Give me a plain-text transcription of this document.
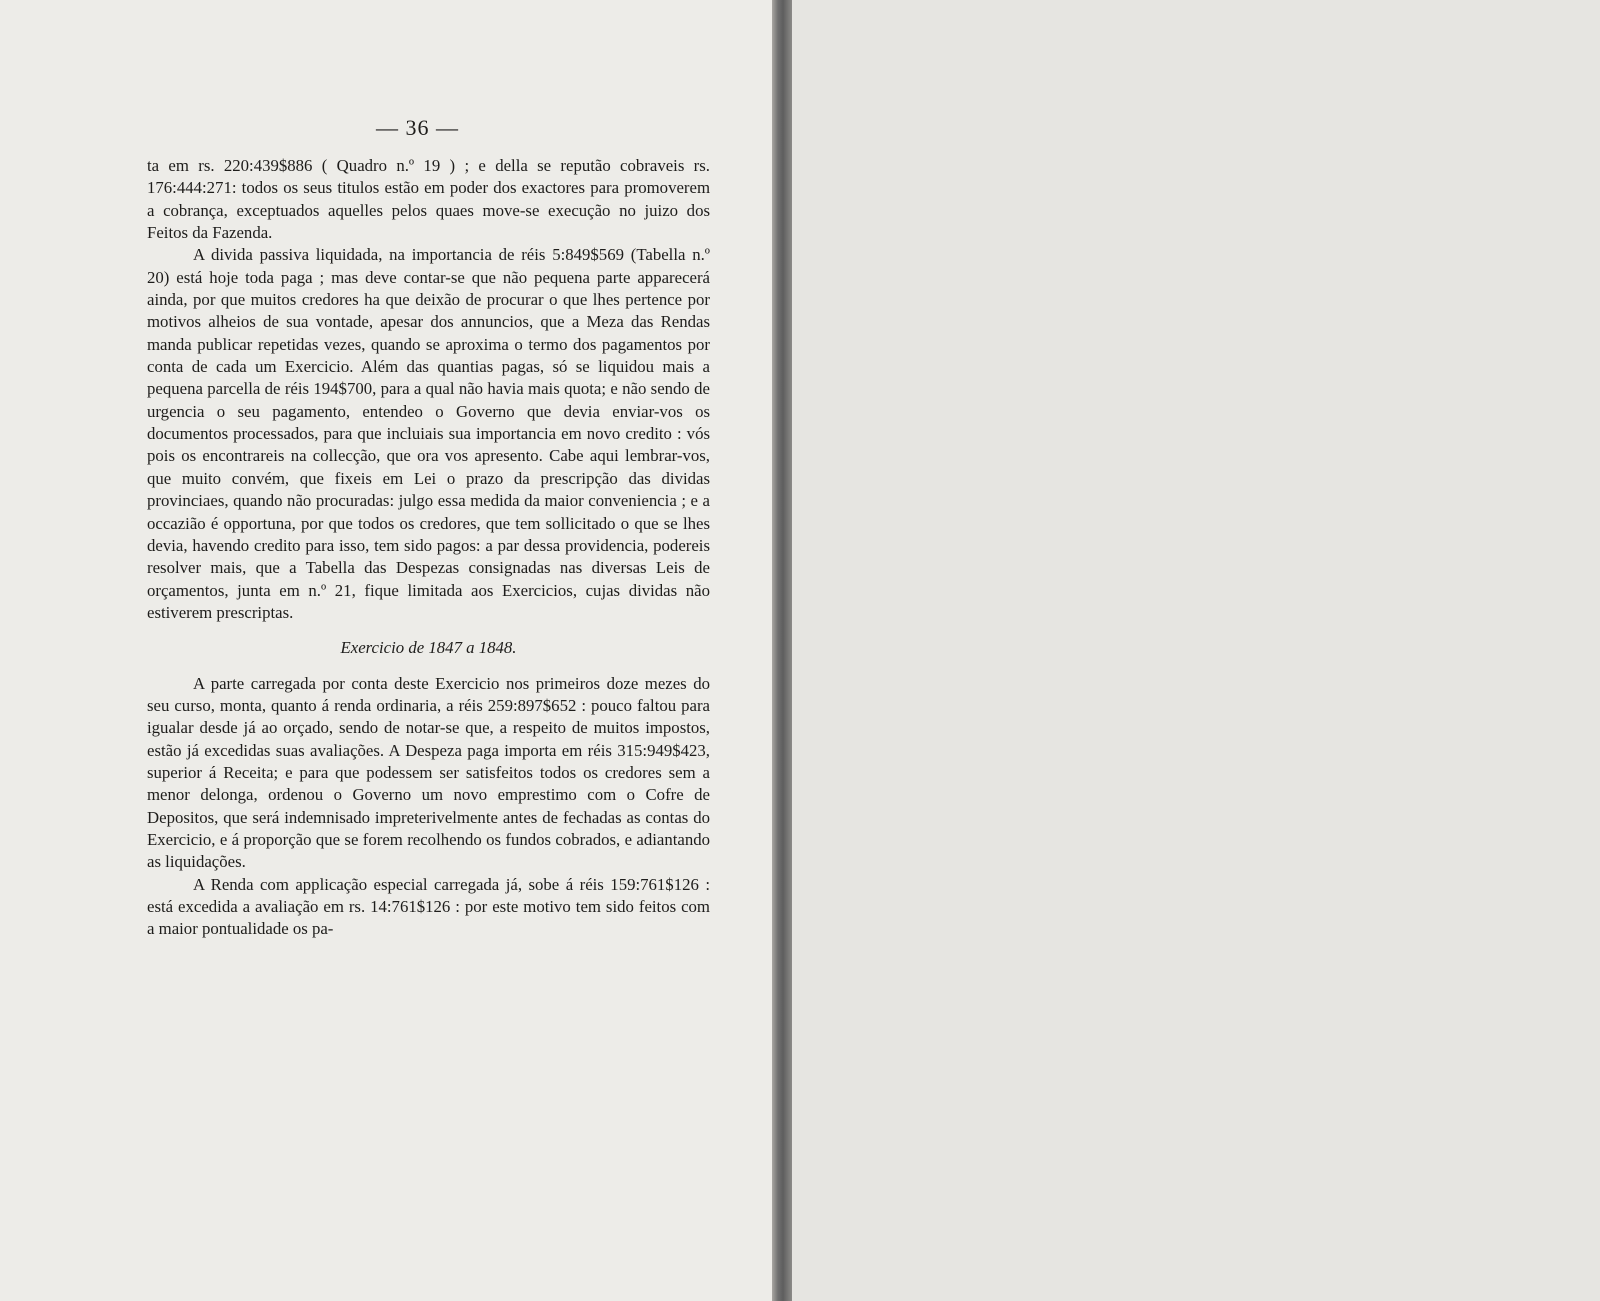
— 36 —

ta em rs. 220:439$886 ( Quadro n.º 19 ) ; e della se reputão cobraveis rs. 176:444:271: todos os seus titulos estão em poder dos exactores para promoverem a cobrança, exceptuados aquelles pelos quaes move-se execução no juizo dos Feitos da Fazenda.

A divida passiva liquidada, na importancia de réis 5:849$569 (Tabella n.º 20) está hoje toda paga ; mas deve contar-se que não pequena parte apparecerá ainda, por que muitos credores ha que deixão de procurar o que lhes pertence por motivos alheios de sua vontade, apesar dos annuncios, que a Meza das Rendas manda publicar repetidas vezes, quando se aproxima o termo dos pagamentos por conta de cada um Exercicio. Além das quantias pagas, só se liquidou mais a pequena parcella de réis 194$700, para a qual não havia mais quota; e não sendo de urgencia o seu pagamento, entendeo o Governo que devia enviar-vos os documentos processados, para que incluiais sua importancia em novo credito : vós pois os encontrareis na collecção, que ora vos apresento. Cabe aqui lembrar-vos, que muito convém, que fixeis em Lei o prazo da prescripção das dividas provinciaes, quando não procuradas: julgo essa medida da maior conveniencia ; e a occazião é opportuna, por que todos os credores, que tem sollicitado o que se lhes devia, havendo credito para isso, tem sido pagos: a par dessa providencia, podereis resolver mais, que a Tabella das Despezas consignadas nas diversas Leis de orçamentos, junta em n.º 21, fique limitada aos Exercicios, cujas dividas não estiverem prescriptas.

Exercicio de 1847 a 1848.

A parte carregada por conta deste Exercicio nos primeiros doze mezes do seu curso, monta, quanto á renda ordinaria, a réis 259:897$652 : pouco faltou para igualar desde já ao orçado, sendo de notar-se que, a respeito de muitos impostos, estão já excedidas suas avaliações. A Despeza paga importa em réis 315:949$423, superior á Receita; e para que podessem ser satisfeitos todos os credores sem a menor delonga, ordenou o Governo um novo emprestimo com o Cofre de Depositos, que será indemnisado impreterivelmente antes de fechadas as contas do Exercicio, e á proporção que se forem recolhendo os fundos cobrados, e adiantando as liquidações.

A Renda com applicação especial carregada já, sobe á réis 159:761$126 : está excedida a avaliação em rs. 14:761$126 : por este motivo tem sido feitos com a maior pontualidade os pa-
